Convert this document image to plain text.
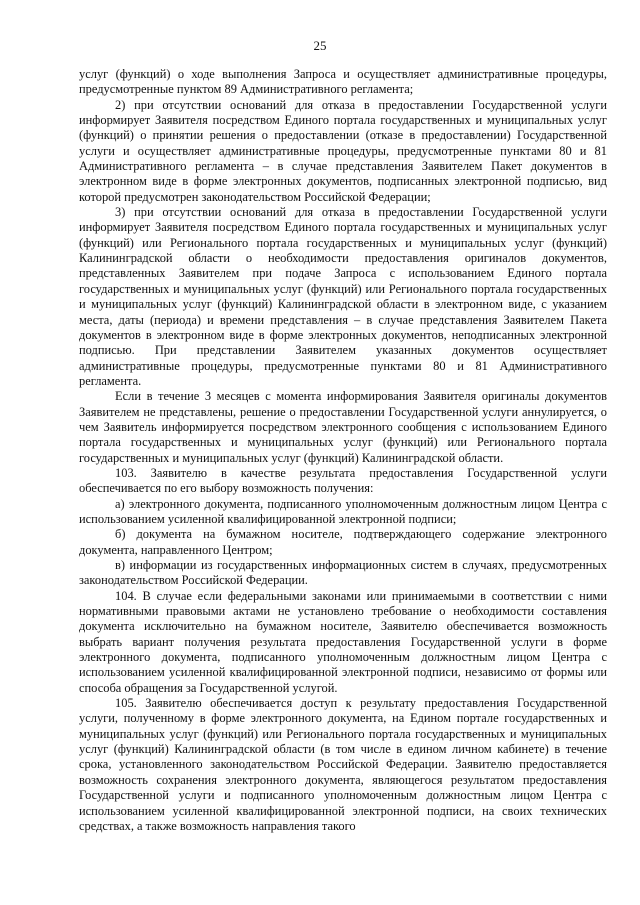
25

услуг (функций) о ходе выполнения Запроса и осуществляет административные процедуры, предусмотренные пунктом 89 Административного регламента;

2) при отсутствии оснований для отказа в предоставлении Государственной услуги информирует Заявителя посредством Единого портала государственных и муниципальных услуг (функций) о принятии решения о предоставлении (отказе в предоставлении) Государственной услуги и осуществляет административные процедуры, предусмотренные пунктами 80 и 81 Административного регламента – в случае представления Заявителем Пакет документов в электронном виде в форме электронных документов, подписанных электронной подписью, вид которой предусмотрен законодательством Российской Федерации;

3) при отсутствии оснований для отказа в предоставлении Государственной услуги информирует Заявителя посредством Единого портала государственных и муниципальных услуг (функций) или Регионального портала государственных и муниципальных услуг (функций) Калининградской области о необходимости предоставления оригиналов документов, представленных Заявителем при подаче Запроса с использованием Единого портала государственных и муниципальных услуг (функций) или Регионального портала государственных и муниципальных услуг (функций) Калининградской области в электронном виде, с указанием места, даты (периода) и времени представления – в случае представления Заявителем Пакета документов в электронном виде в форме электронных документов, неподписанных электронной подписью. При представлении Заявителем указанных документов осуществляет административные процедуры, предусмотренные пунктами 80 и 81 Административного регламента.

Если в течение 3 месяцев с момента информирования Заявителя оригиналы документов Заявителем не представлены, решение о предоставлении Государственной услуги аннулируется, о чем Заявитель информируется посредством электронного сообщения с использованием Единого портала государственных и муниципальных услуг (функций) или Регионального портала государственных и муниципальных услуг (функций) Калининградской области.

103. Заявителю в качестве результата предоставления Государственной услуги обеспечивается по его выбору возможность получения:

а) электронного документа, подписанного уполномоченным должностным лицом Центра с использованием усиленной квалифицированной электронной подписи;

б) документа на бумажном носителе, подтверждающего содержание электронного документа, направленного Центром;

в) информации из государственных информационных систем в случаях, предусмотренных законодательством Российской Федерации.

104. В случае если федеральными законами или принимаемыми в соответствии с ними нормативными правовыми актами не установлено требование о необходимости составления документа исключительно на бумажном носителе, Заявителю обеспечивается возможность выбрать вариант получения результата предоставления Государственной услуги в форме электронного документа, подписанного уполномоченным должностным лицом Центра с использованием усиленной квалифицированной электронной подписи, независимо от формы или способа обращения за Государственной услугой.

105. Заявителю обеспечивается доступ к результату предоставления Государственной услуги, полученному в форме электронного документа, на Едином портале государственных и муниципальных услуг (функций) или Регионального портала государственных и муниципальных услуг (функций) Калининградской области (в том числе в едином личном кабинете) в течение срока, установленного законодательством Российской Федерации. Заявителю предоставляется возможность сохранения электронного документа, являющегося результатом предоставления Государственной услуги и подписанного уполномоченным должностным лицом Центра с использованием усиленной квалифицированной электронной подписи, на своих технических средствах, а также возможность направления такого
